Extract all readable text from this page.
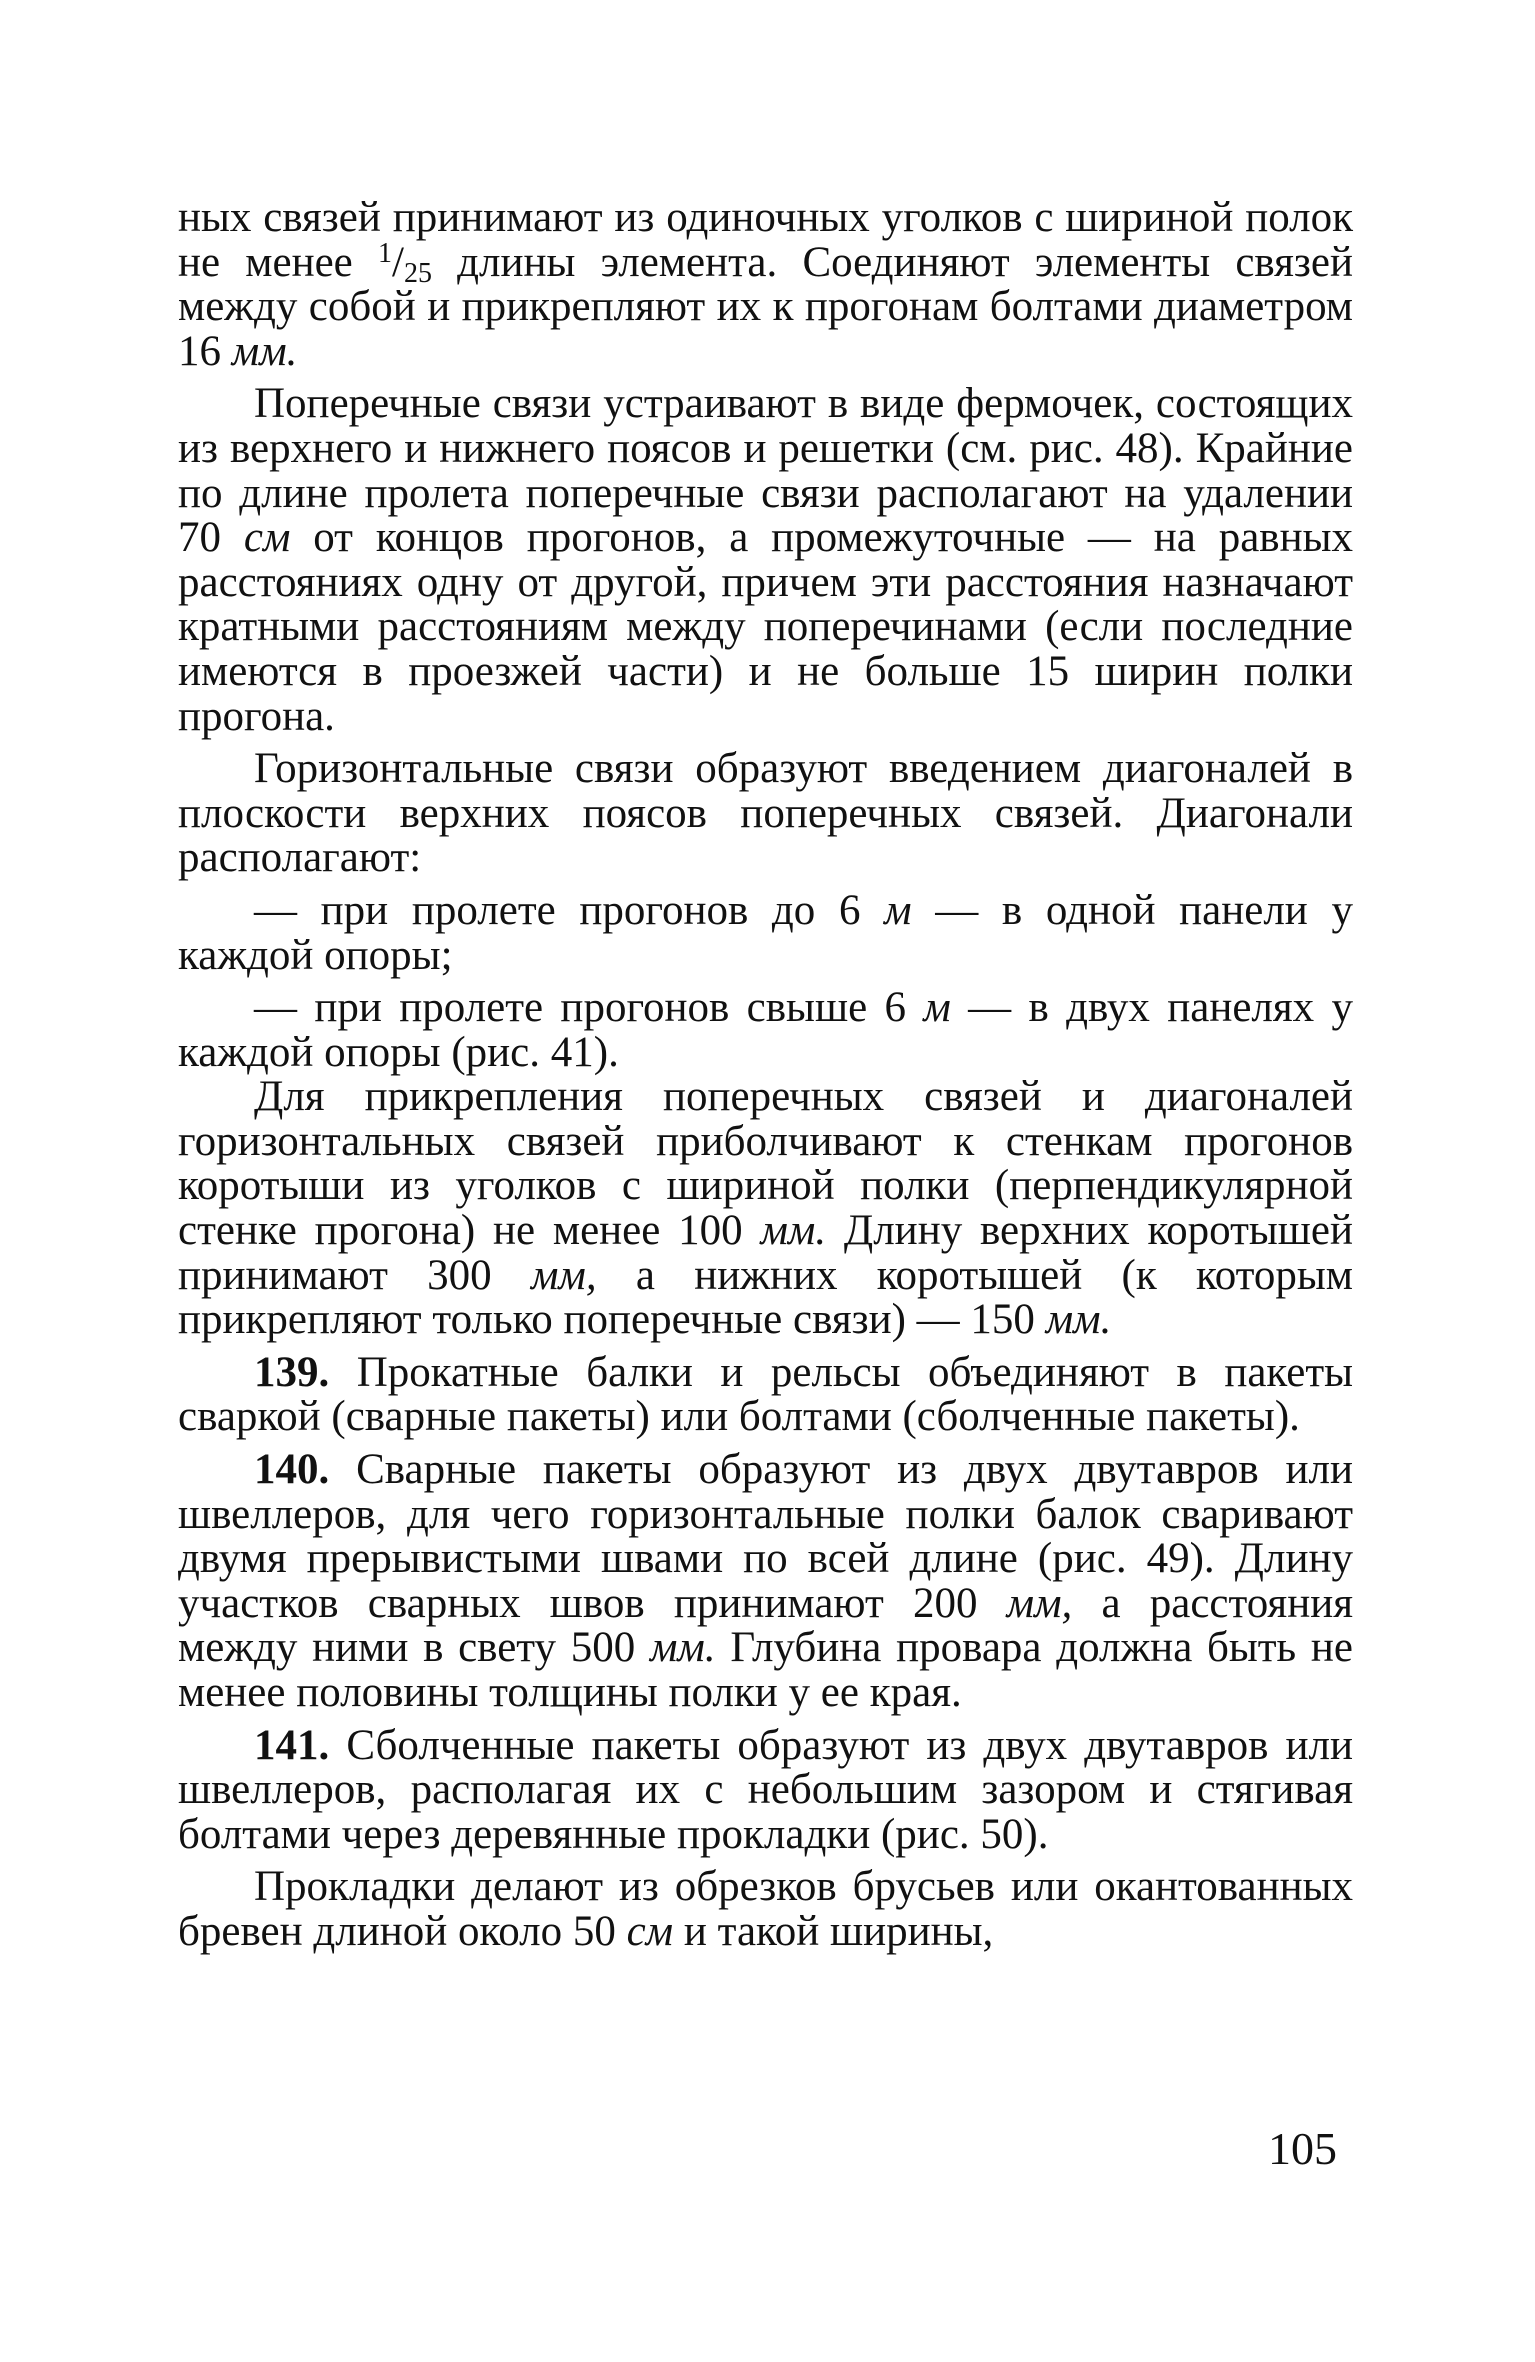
ных связей принимают из одиночных уголков с шириной полок не менее $^1$/25 длины элемента. Соединяют элементы связей между собой и прикрепляют их к прогонам болтами диаметром 16 мм.

Поперечные связи устраивают в виде фермочек, состоящих из верхнего и нижнего поясов и решетки (см. рис. 48). Крайние по длине пролета поперечные связи располагают на удалении 70 см от концов прогонов, а промежуточные — на равных расстояниях одну от другой, причем эти расстояния назначают кратными расстояниям между поперечинами (если последние имеются в проезжей части) и не больше 15 ширин полки прогона.

Горизонтальные связи образуют введением диагоналей в плоскости верхних поясов поперечных связей. Диагонали располагают:

— при пролете прогонов до 6 м — в одной панели у каждой опоры;

— при пролете прогонов свыше 6 м — в двух панелях у каждой опоры (рис. 41).

Для прикрепления поперечных связей и диагоналей горизонтальных связей приболчивают к стенкам прогонов коротыши из уголков с шириной полки (перпендикулярной стенке прогона) не менее 100 мм. Длину верхних коротышей принимают 300 мм, а нижних коротышей (к которым прикрепляют только поперечные связи) — 150 мм.

139. Прокатные балки и рельсы объединяют в пакеты сваркой (сварные пакеты) или болтами (сболченные пакеты).

140. Сварные пакеты образуют из двух двутавров или швеллеров, для чего горизонтальные полки балок сваривают двумя прерывистыми швами по всей длине (рис. 49). Длину участков сварных швов принимают 200 мм, а расстояния между ними в свету 500 мм. Глубина провара должна быть не менее половины толщины полки у ее края.

141. Сболченные пакеты образуют из двух двутавров или швеллеров, располагая их с небольшим зазором и стягивая болтами через деревянные прокладки (рис. 50).

Прокладки делают из обрезков брусьев или окантованных бревен длиной около 50 см и такой ширины,

105
